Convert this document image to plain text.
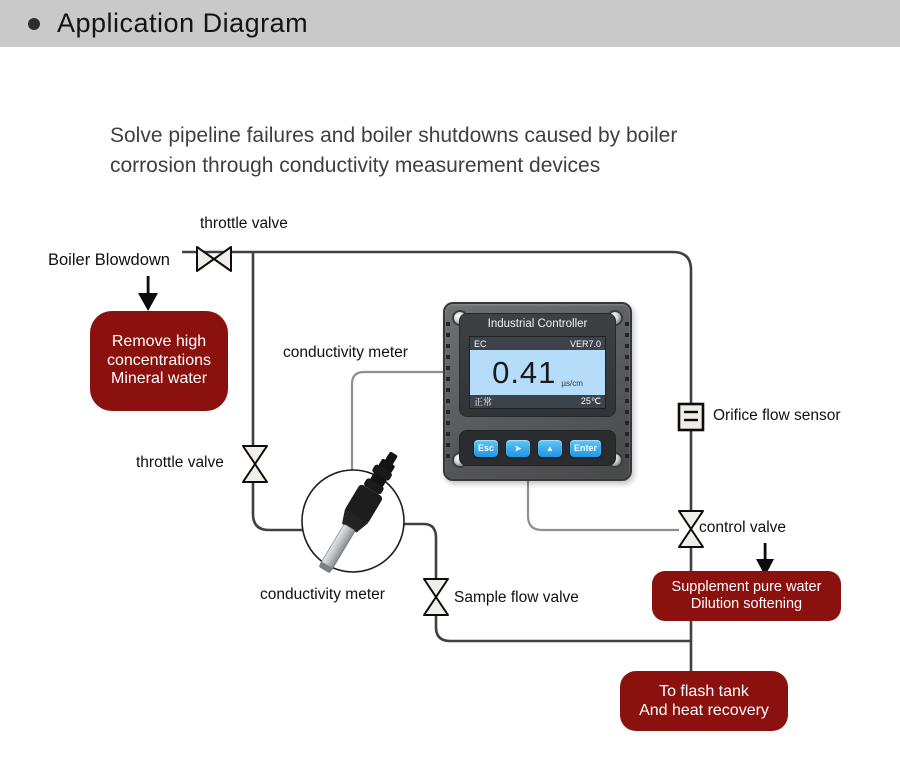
Application Diagram

Solve pipeline failures and boiler shutdowns caused by boiler
corrosion through conductivity measurement devices

throttle valve
Boiler Blowdown
conductivity meter
throttle valve
conductivity meter	Sample flow valve
Orifice flow sensor
control valve
Remove high
concentrations
Mineral water
Supplement pure water
Dilution softening
To flash tank
And heat recovery
Industrial Controller
EC	VER7.0
0.41 µs/cm
正常	25℃
Esc	➤	▲	Enter
